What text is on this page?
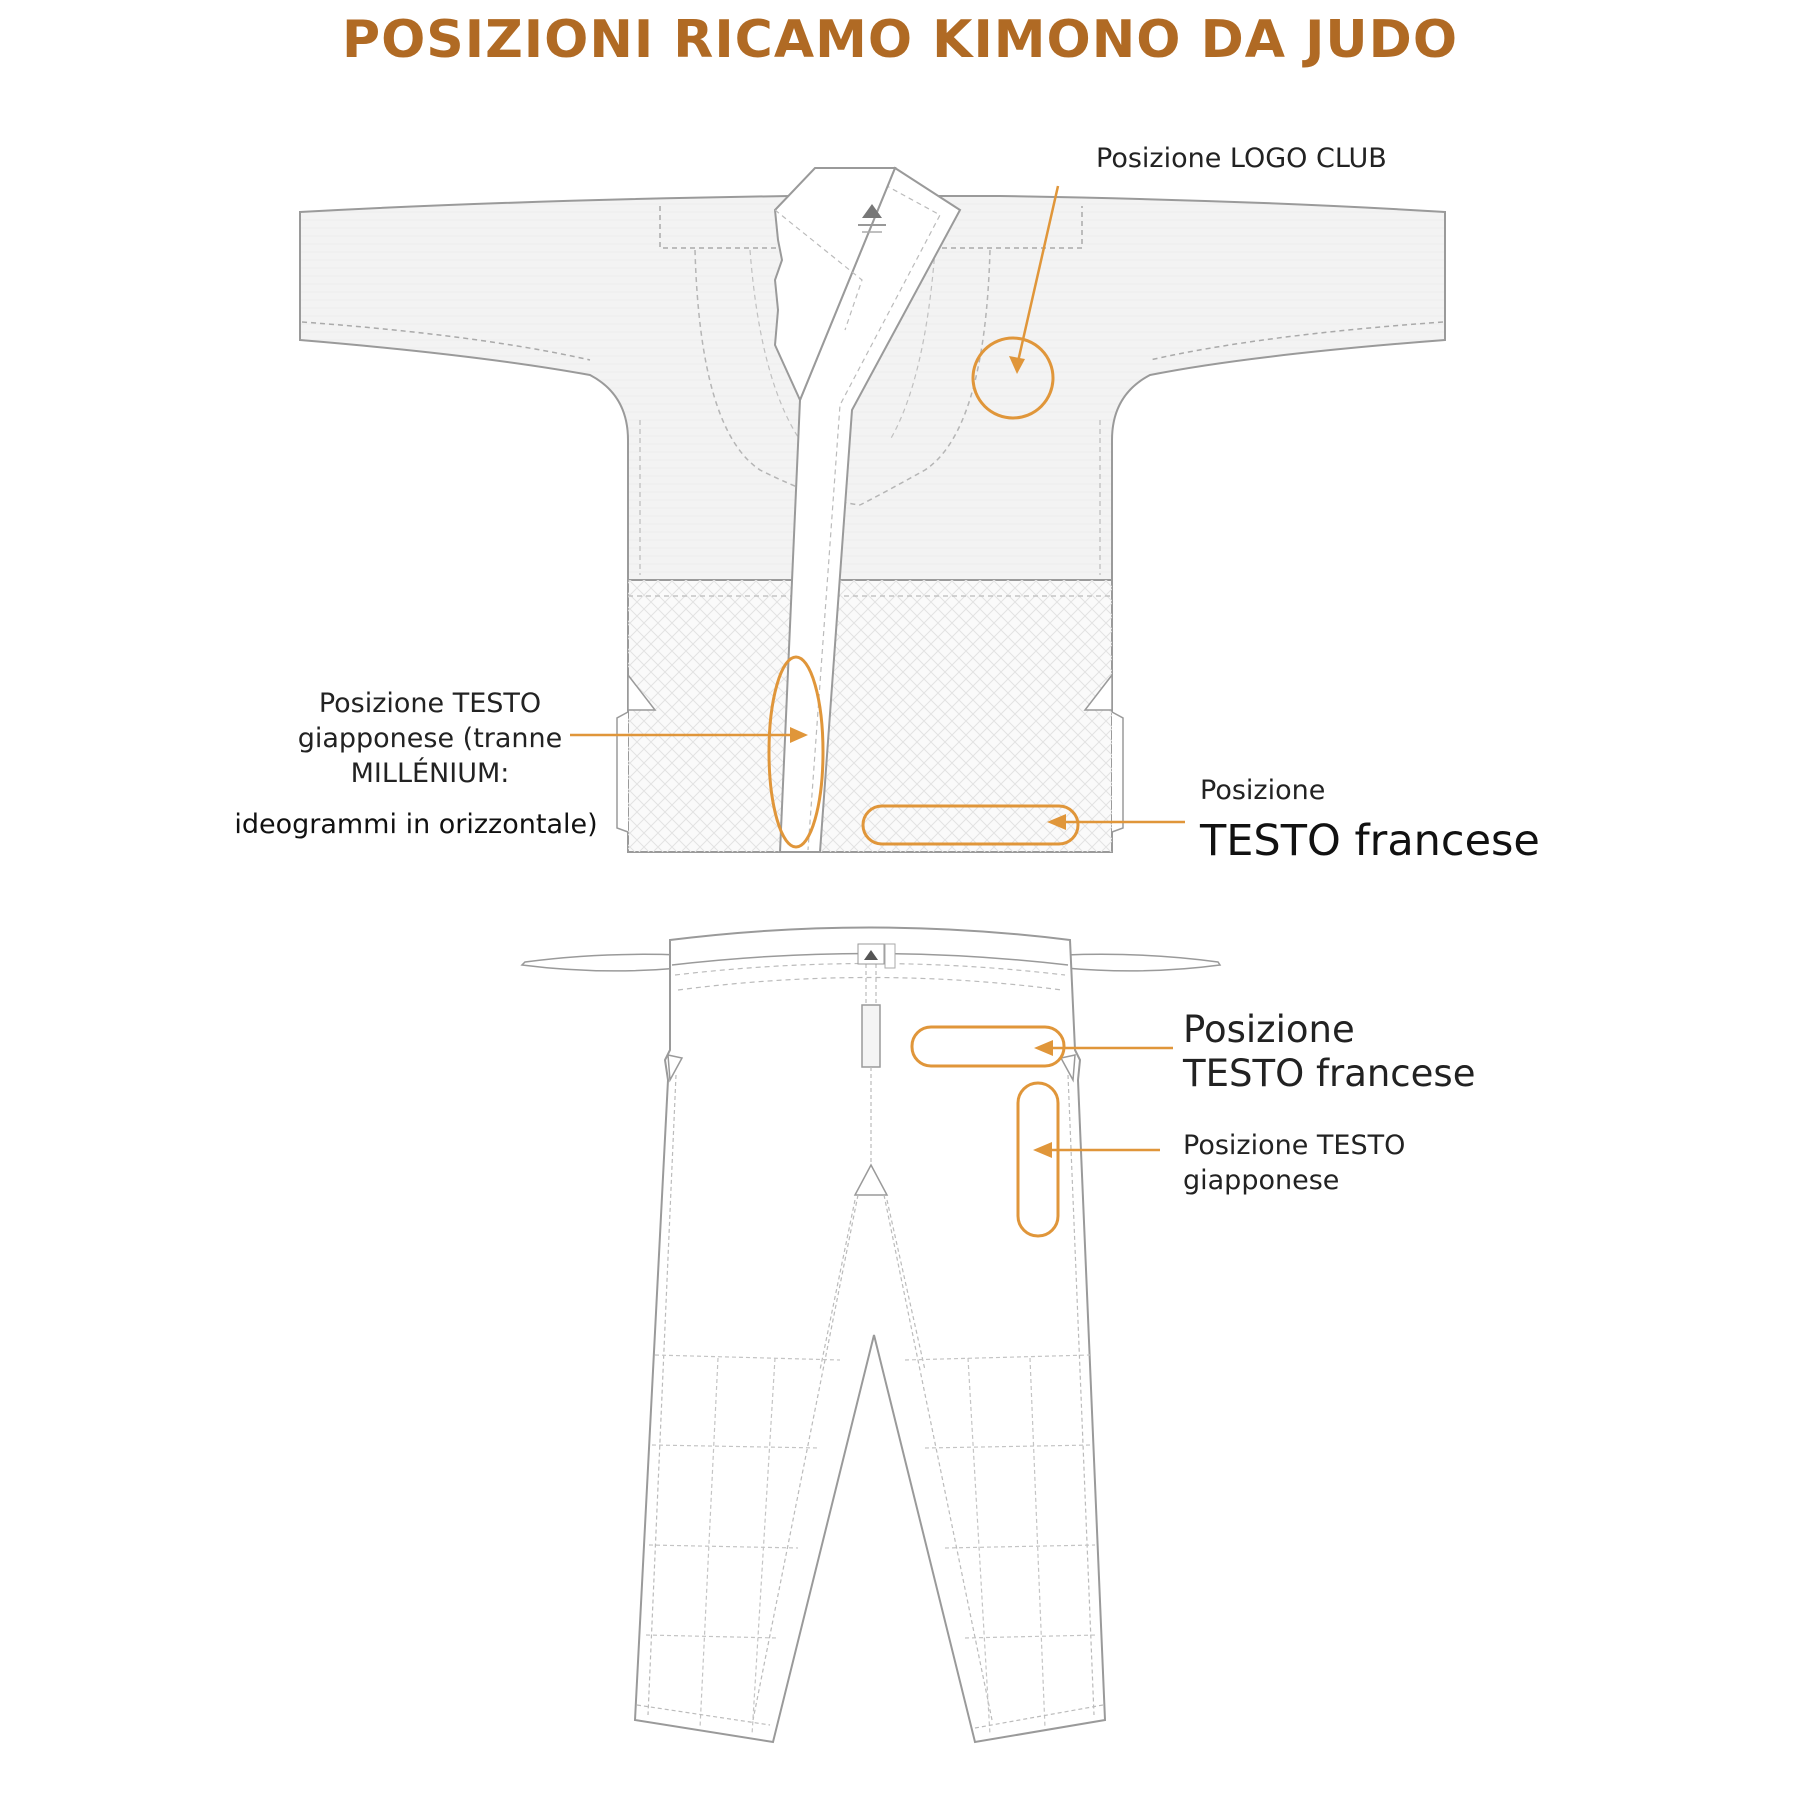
POSIZIONI RICAMO KIMONO DA JUDO
Posizione LOGO CLUB
Posizione TESTO
giapponese (tranne
MILLÉNIUM:
ideogrammi in orizzontale)
Posizione
TESTO francese
Posizione
TESTO francese
Posizione TESTO
giapponese
